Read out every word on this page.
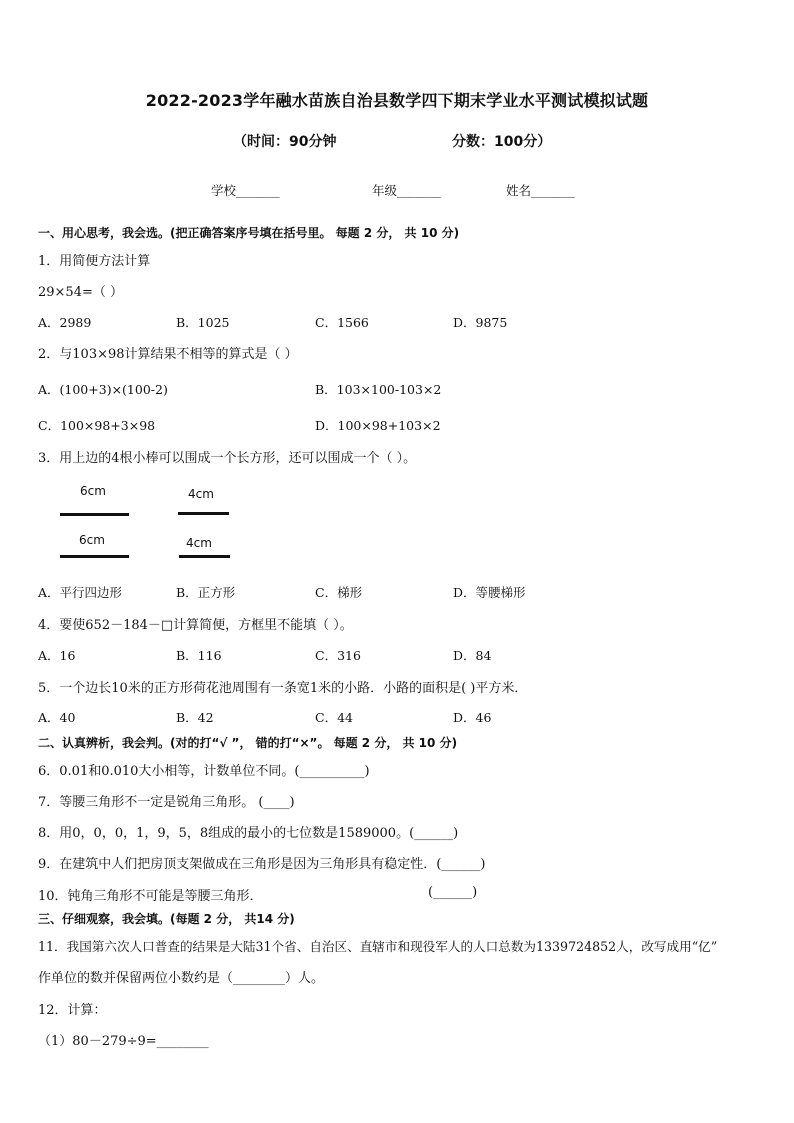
2022-2023学年融水苗族自治县数学四下期末学业水平测试模拟试题
（时间：90分钟	分数：100分）
学校_______	年级_______	姓名_______
一、用心思考，我会选。(把正确答案序号填在括号里。 每题 2 分， 共 10 分)
1．用简便方法计算
29×54=（ ）
A．2989	B．1025	C．1566	D．9875
2．与103×98计算结果不相等的算式是（ ）
A．(100+3)×(100-2)	B．103×100-103×2
C．100×98+3×98	D．100×98+103×2
3．用上边的4根小棒可以围成一个长方形，还可以围成一个（ ）。
6cm	4cm
6cm	4cm
A．平行四边形	B．正方形	C．梯形	D．等腰梯形
4．要使652－184－□计算简便，方框里不能填（ ）。
A．16	B．116	C．316	D．84
5．一个边长10米的正方形荷花池周围有一条宽1米的小路．小路的面积是( )平方米．
A．40	B．42	C．44	D．46
二、认真辨析，我会判。(对的打“√ ”， 错的打“×”。 每题 2 分， 共 10 分)
6．0.01和0.010大小相等，计数单位不同。(__________)
7．等腰三角形不一定是锐角三角形。 (____)
8．用0，0，0，1，9，5，8组成的最小的七位数是1589000。(______)
9．在建筑中人们把房顶支架做成在三角形是因为三角形具有稳定性．(______)
10．钝角三角形不可能是等腰三角形．	(______)
三、仔细观察，我会填。(每题 2 分， 共14 分)
11．我国第六次人口普查的结果是大陆31个省、自治区、直辖市和现役军人的人口总数为1339724852人，改写成用“亿”
作单位的数并保留两位小数约是（________）人。
12．计算：
（1）80－279÷9=________
